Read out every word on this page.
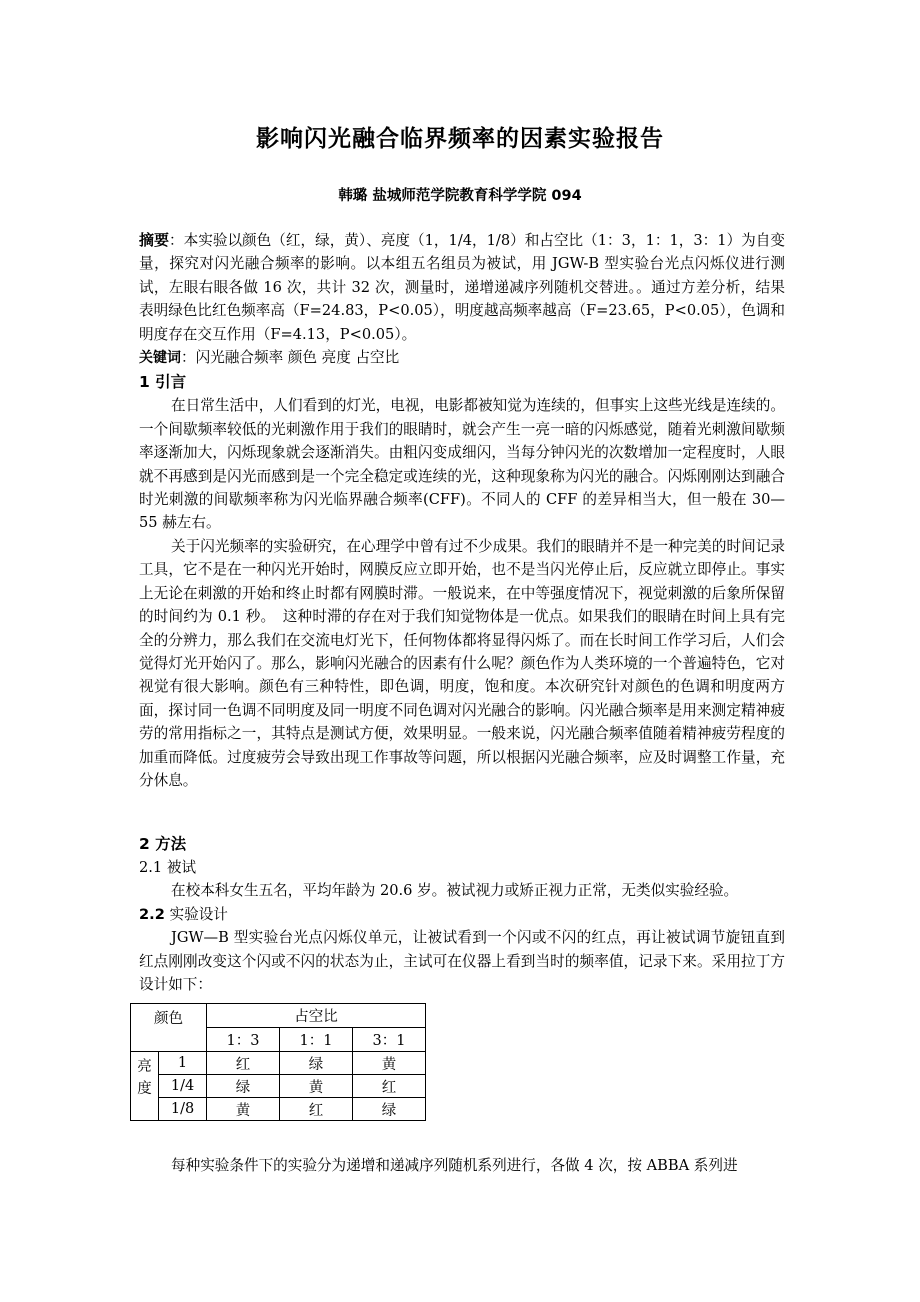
影响闪光融合临界频率的因素实验报告
韩璐 盐城师范学院教育科学学院 094

摘要：本实验以颜色（红，绿，黄）、亮度（1，1/4，1/8）和占空比（1：3，1：1，3：1）为自变量，探究对闪光融合频率的影响。以本组五名组员为被试，用 JGW-B 型实验台光点闪烁仪进行测试，左眼右眼各做 16 次，共计 32 次，测量时，递增递减序列随机交替进。。通过方差分析，结果表明绿色比红色频率高（F=24.83，P<0.05），明度越高频率越高（F=23.65，P<0.05），色调和明度存在交互作用（F=4.13，P<0.05）。

关键词：闪光融合频率 颜色 亮度 占空比

1 引言

在日常生活中，人们看到的灯光，电视，电影都被知觉为连续的，但事实上这些光线是连续的。一个间歇频率较低的光刺激作用于我们的眼睛时，就会产生一亮一暗的闪烁感觉，随着光刺激间歇频率逐渐加大，闪烁现象就会逐渐消失。由粗闪变成细闪，当每分钟闪光的次数增加一定程度时，人眼就不再感到是闪光而感到是一个完全稳定或连续的光，这种现象称为闪光的融合。闪烁刚刚达到融合时光刺激的间歇频率称为闪光临界融合频率(CFF)。不同人的 CFF 的差异相当大，但一般在 30—55 赫左右。

关于闪光频率的实验研究，在心理学中曾有过不少成果。我们的眼睛并不是一种完美的时间记录工具，它不是在一种闪光开始时，网膜反应立即开始，也不是当闪光停止后，反应就立即停止。事实上无论在刺激的开始和终止时都有网膜时滞。一般说来，在中等强度情况下，视觉刺激的后象所保留的时间约为 0.1 秒。　这种时滞的存在对于我们知觉物体是一优点。如果我们的眼睛在时间上具有完全的分辨力，那么我们在交流电灯光下，任何物体都将显得闪烁了。而在长时间工作学习后，人们会觉得灯光开始闪了。那么，影响闪光融合的因素有什么呢？颜色作为人类环境的一个普遍特色，它对视觉有很大影响。颜色有三种特性，即色调，明度，饱和度。本次研究针对颜色的色调和明度两方面，探讨同一色调不同明度及同一明度不同色调对闪光融合的影响。闪光融合频率是用来测定精神疲劳的常用指标之一，其特点是测试方便，效果明显。一般来说，闪光融合频率值随着精神疲劳程度的加重而降低。过度疲劳会导致出现工作事故等问题，所以根据闪光融合频率，应及时调整工作量，充分休息。

2 方法
2.1 被试

在校本科女生五名，平均年龄为 20.6 岁。被试视力或矫正视力正常，无类似实验经验。

2.2 实验设计

JGW—B 型实验台光点闪烁仪单元，让被试看到一个闪或不闪的红点，再让被试调节旋钮直到红点刚刚改变这个闪或不闪的状态为止，主试可在仪器上看到当时的频率值，记录下来。采用拉丁方设计如下：

颜色		占空比		
		1：3	1：1	3：1
亮度	1	红	绿	黄
	1/4	绿	黄	红
	1/8	黄	红	绿
每种实验条件下的实验分为递增和递减序列随机系列进行，各做 4 次，按 ABBA 系列进
